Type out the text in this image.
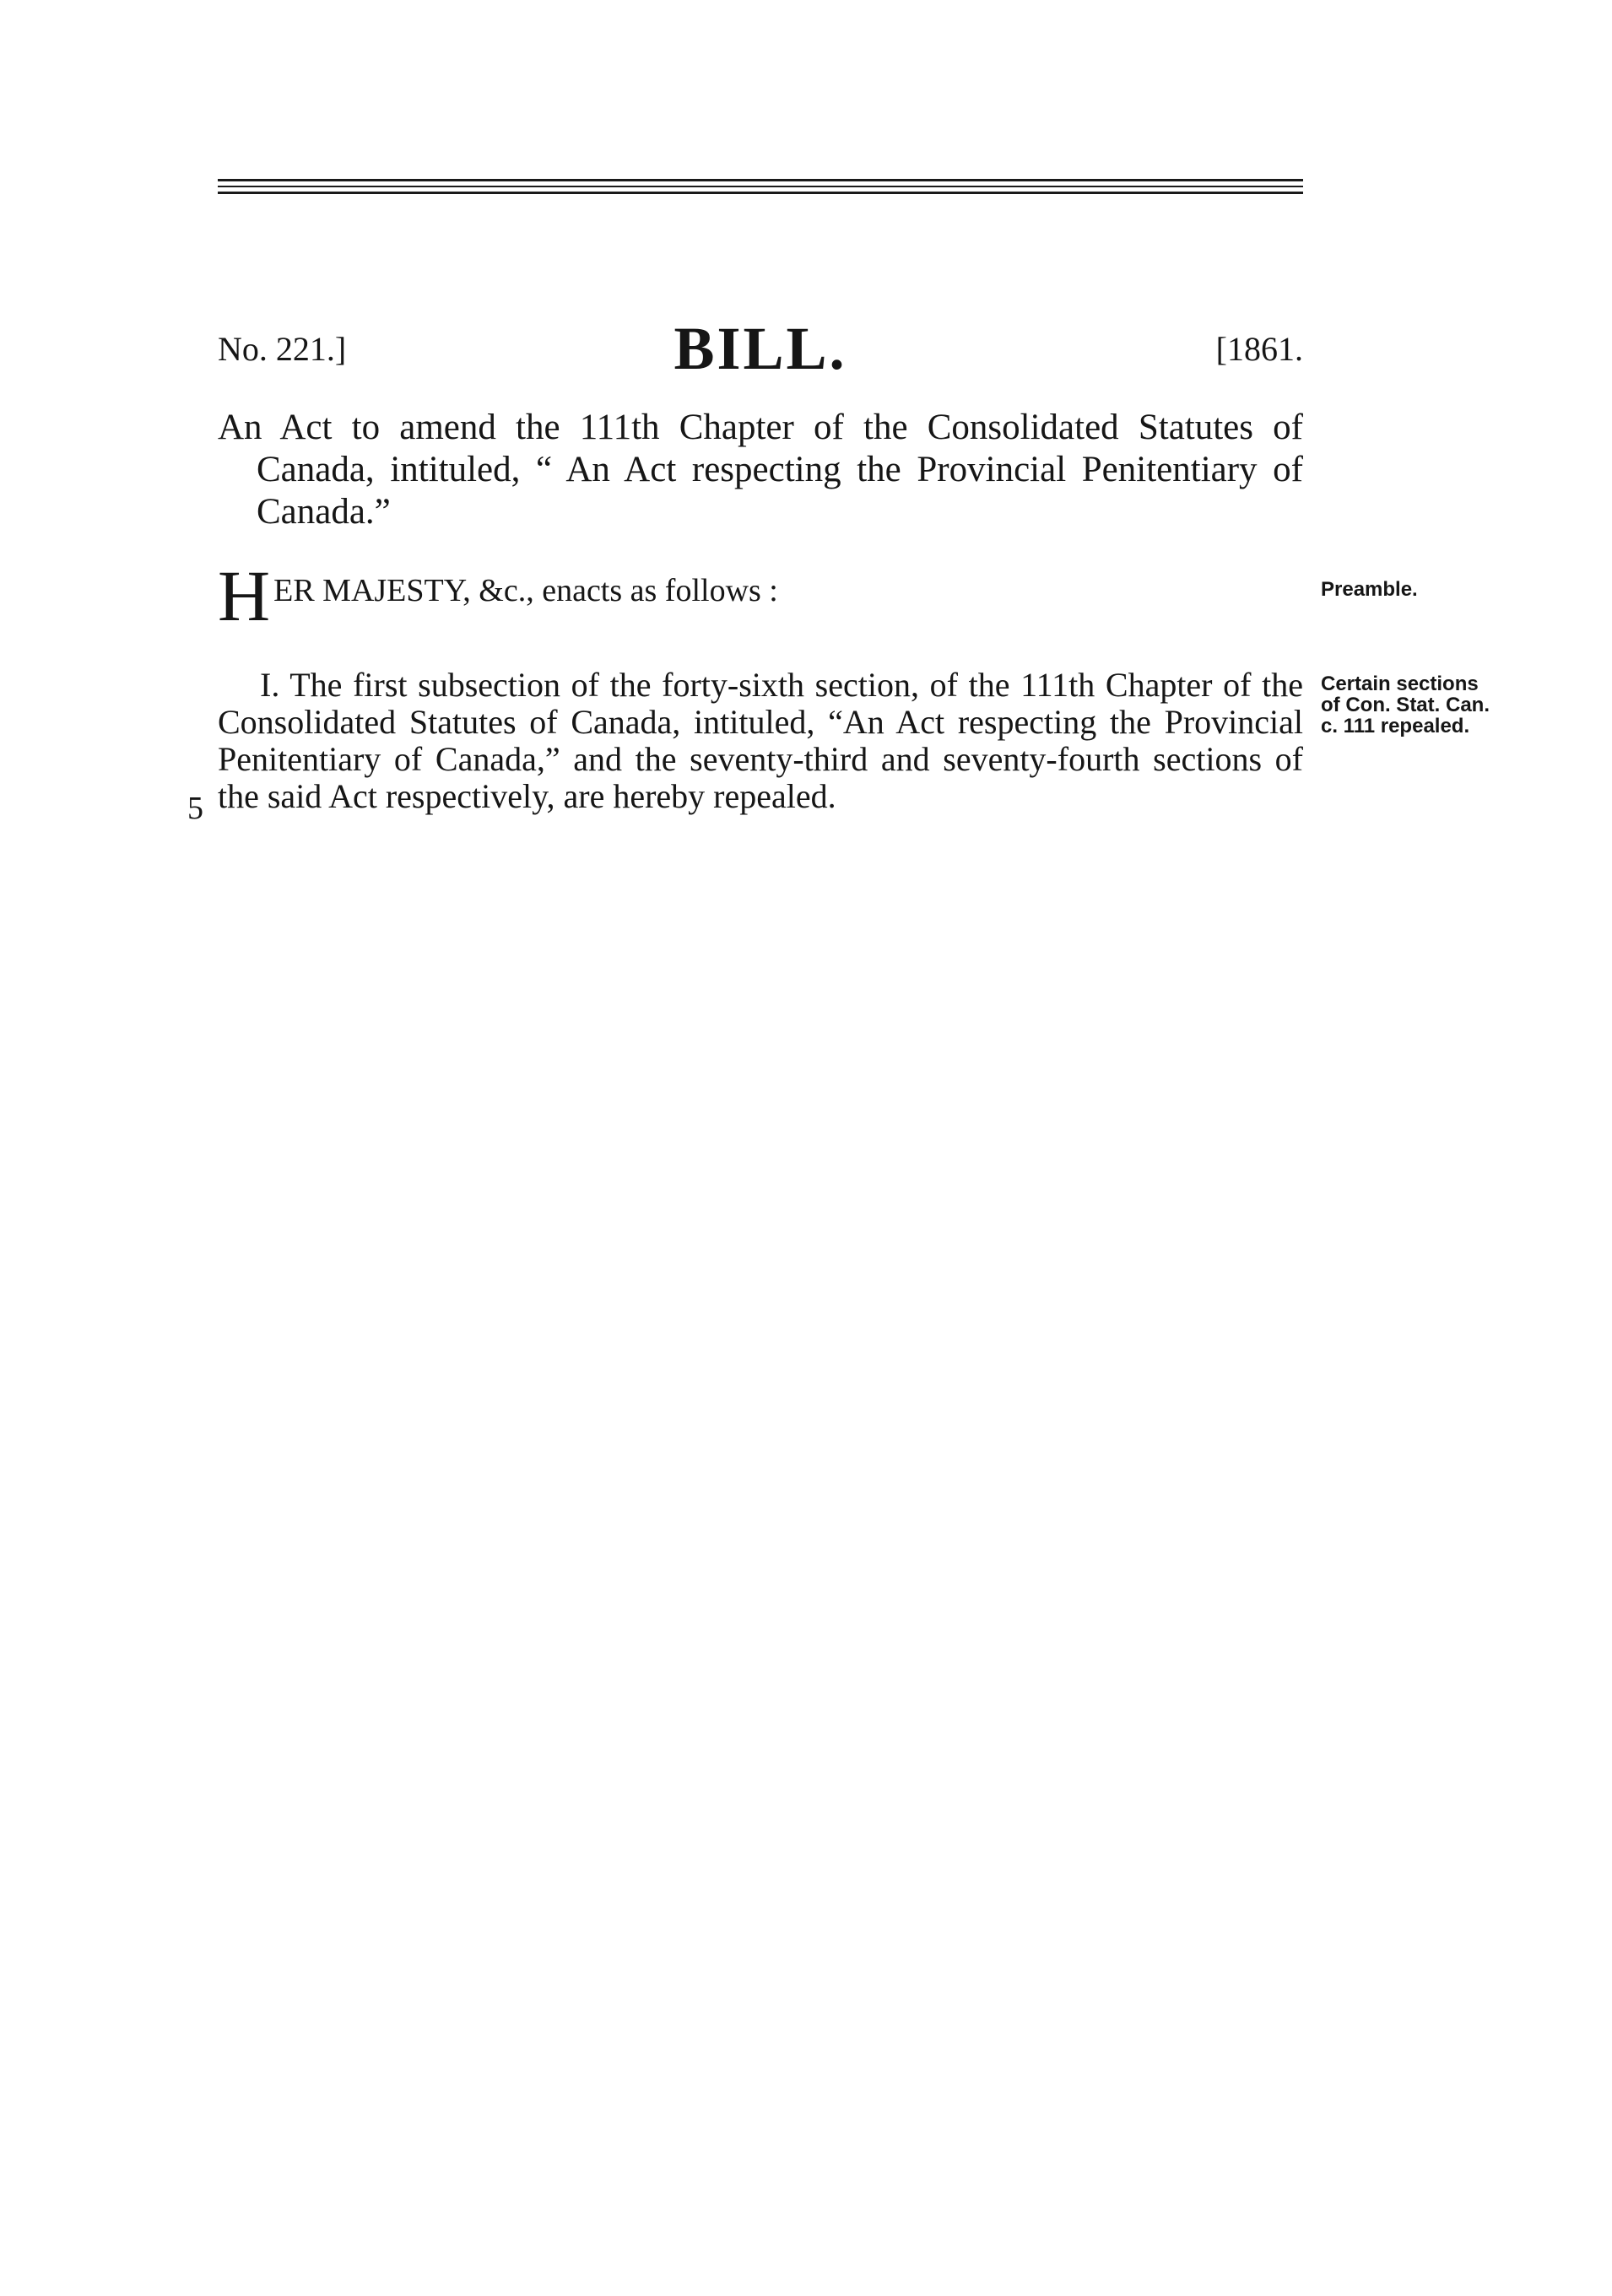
No. 221.]	BILL.	[1861.
An Act to amend the 111th Chapter of the Consolidated Statutes of Canada, intituled, “ An Act respecting the Provincial Penitentiary of Canada.”
H ER MAJESTY, &c., enacts as follows :	Preamble.
I. The first subsection of the forty-sixth section, of the 111th Chapter of the Consolidated Statutes of Canada, intituled, “An Act respecting the Provincial Penitentiary of Canada,” and the seventy-third and seventy-fourth sections of the said Act respectively, are hereby repealed.
Certain sections of Con. Stat. Can. c. 111 repealed.
5
